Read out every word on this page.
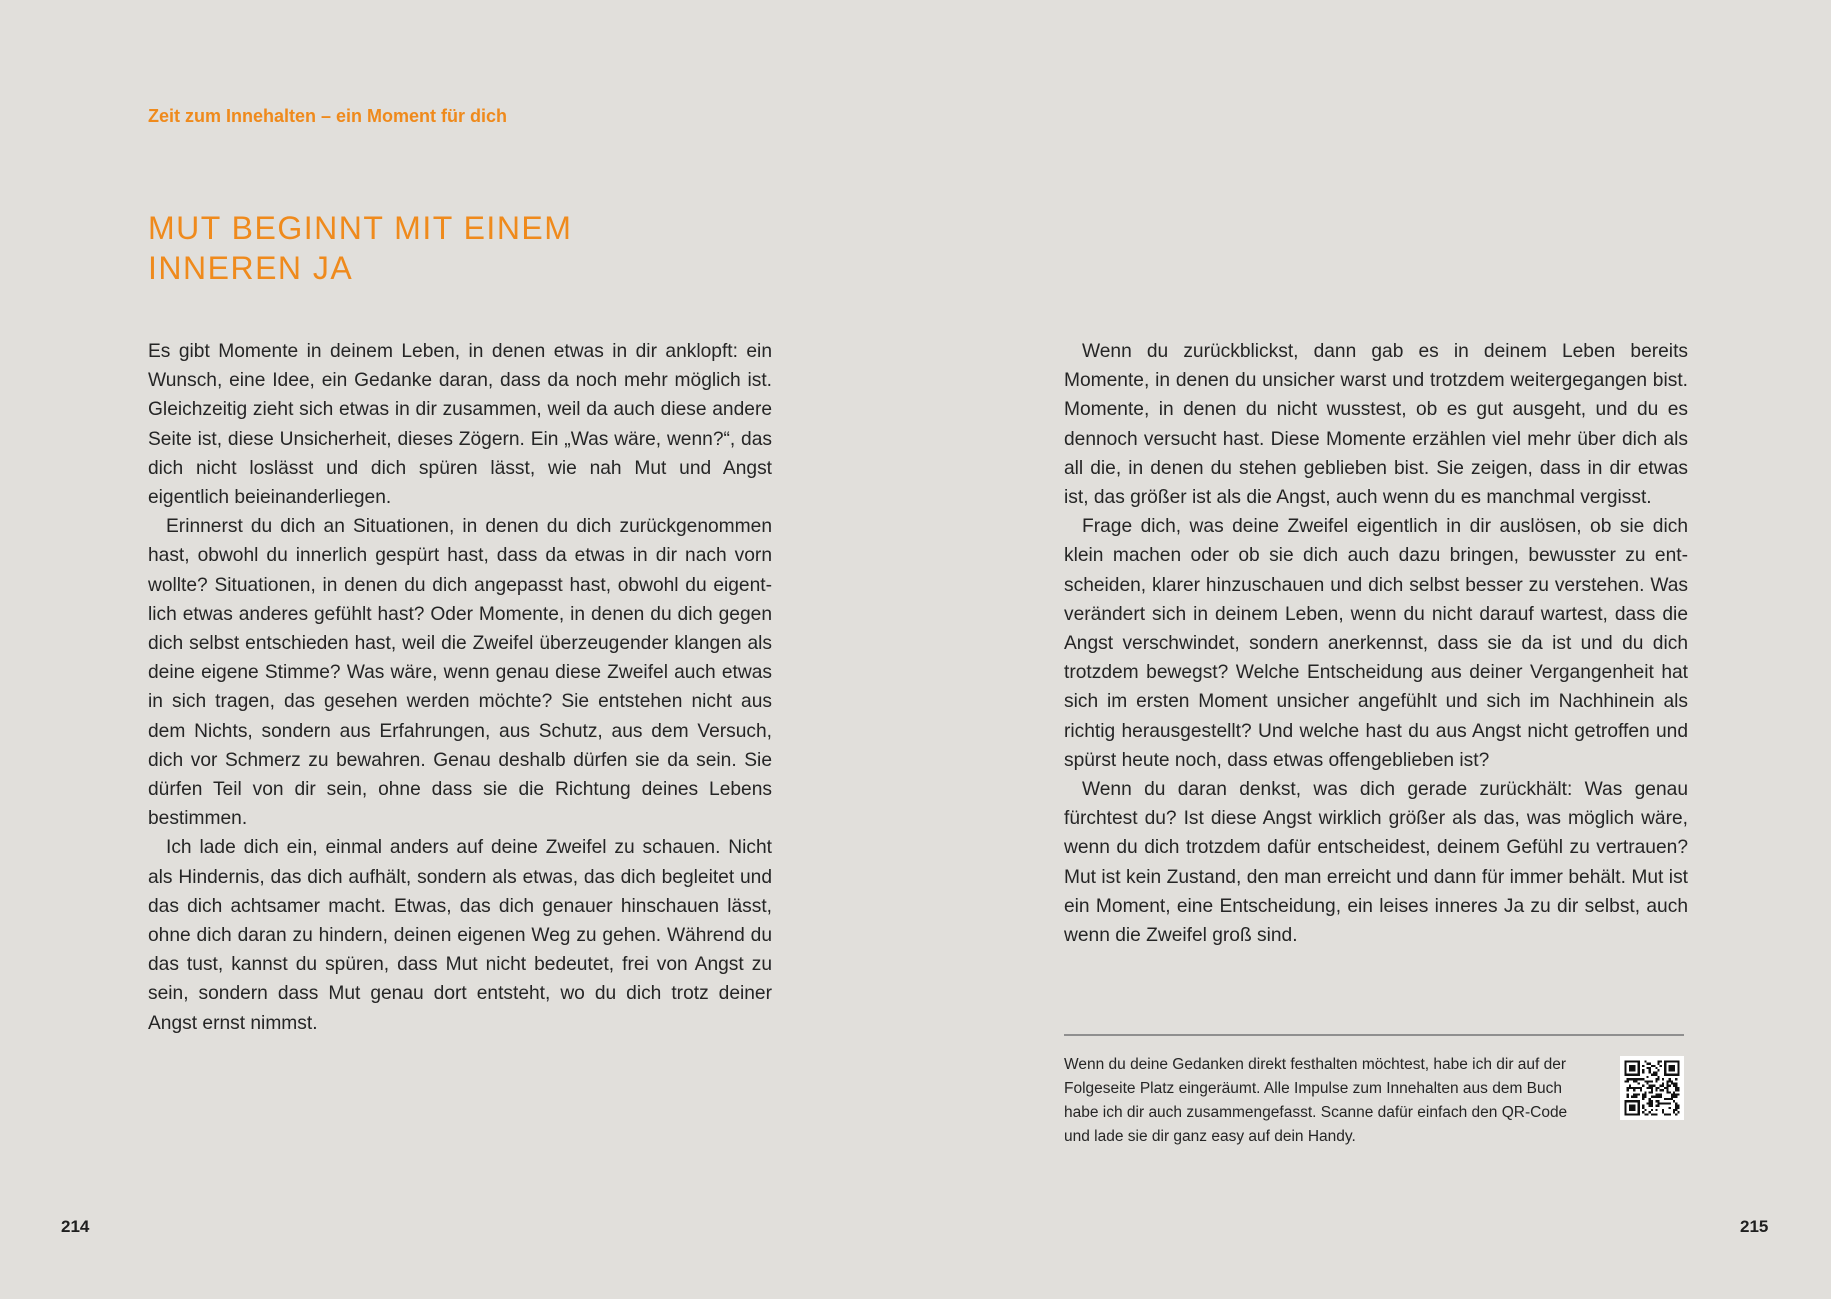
Zeit zum Innehalten – ein Moment für dich
MUT BEGINNT MIT EINEM
INNEREN JA

Es gibt Momente in deinem Leben, in denen etwas in dir anklopft: ein Wunsch, eine Idee, ein Gedanke daran, dass da noch mehr möglich ist. Gleichzeitig zieht sich etwas in dir zusammen, weil da auch diese andere Seite ist, diese Unsicherheit, dieses Zögern. Ein „Was wäre, wenn?“, das dich nicht loslässt und dich spüren lässt, wie nah Mut und Angst eigentlich beieinanderliegen.

Erinnerst du dich an Situationen, in denen du dich zurückgenommen hast, obwohl du innerlich gespürt hast, dass da etwas in dir nach vorn wollte? Situationen, in denen du dich angepasst hast, obwohl du eigentlich etwas anderes gefühlt hast? Oder Momente, in denen du dich gegen dich selbst entschieden hast, weil die Zweifel überzeugender klangen als deine eigene Stimme? Was wäre, wenn genau diese Zweifel auch etwas in sich tragen, das gesehen werden möchte? Sie entstehen nicht aus dem Nichts, sondern aus Erfahrungen, aus Schutz, aus dem Versuch, dich vor Schmerz zu bewahren. Genau deshalb dürfen sie da sein. Sie dürfen Teil von dir sein, ohne dass sie die Richtung deines Lebens bestimmen.

Ich lade dich ein, einmal anders auf deine Zweifel zu schauen. Nicht als Hindernis, das dich aufhält, sondern als etwas, das dich begleitet und das dich achtsamer macht. Etwas, das dich genauer hinschauen lässt, ohne dich daran zu hindern, deinen eigenen Weg zu gehen. Während du das tust, kannst du spüren, dass Mut nicht bedeutet, frei von Angst zu sein, sondern dass Mut genau dort entsteht, wo du dich trotz deiner Angst ernst nimmst.

Wenn du zurückblickst, dann gab es in deinem Leben bereits Momente, in denen du unsicher warst und trotzdem weitergegangen bist. Momente, in denen du nicht wusstest, ob es gut ausgeht, und du es dennoch versucht hast. Diese Momente erzählen viel mehr über dich als all die, in denen du stehen geblieben bist. Sie zeigen, dass in dir etwas ist, das größer ist als die Angst, auch wenn du es manchmal vergisst.

Frage dich, was deine Zweifel eigentlich in dir auslösen, ob sie dich klein machen oder ob sie dich auch dazu bringen, bewusster zu entscheiden, klarer hinzuschauen und dich selbst besser zu verstehen. Was verändert sich in deinem Leben, wenn du nicht darauf wartest, dass die Angst verschwindet, sondern anerkennst, dass sie da ist und du dich trotzdem bewegst? Welche Entscheidung aus deiner Vergangenheit hat sich im ersten Moment unsicher angefühlt und sich im Nachhinein als richtig herausgestellt? Und welche hast du aus Angst nicht getroffen und spürst heute noch, dass etwas offengeblieben ist?

Wenn du daran denkst, was dich gerade zurückhält: Was genau fürchtest du? Ist diese Angst wirklich größer als das, was möglich wäre, wenn du dich trotzdem dafür entscheidest, deinem Gefühl zu vertrauen? Mut ist kein Zustand, den man erreicht und dann für immer behält. Mut ist ein Moment, eine Entscheidung, ein leises inneres Ja zu dir selbst, auch wenn die Zweifel groß sind.

Wenn du deine Gedanken direkt festhalten möchtest, habe ich dir auf der Folgeseite Platz eingeräumt. Alle Impulse zum Innehalten aus dem Buch habe ich dir auch zusammengefasst. Scanne dafür einfach den QR-Code und lade sie dir ganz easy auf dein Handy.
214	215
